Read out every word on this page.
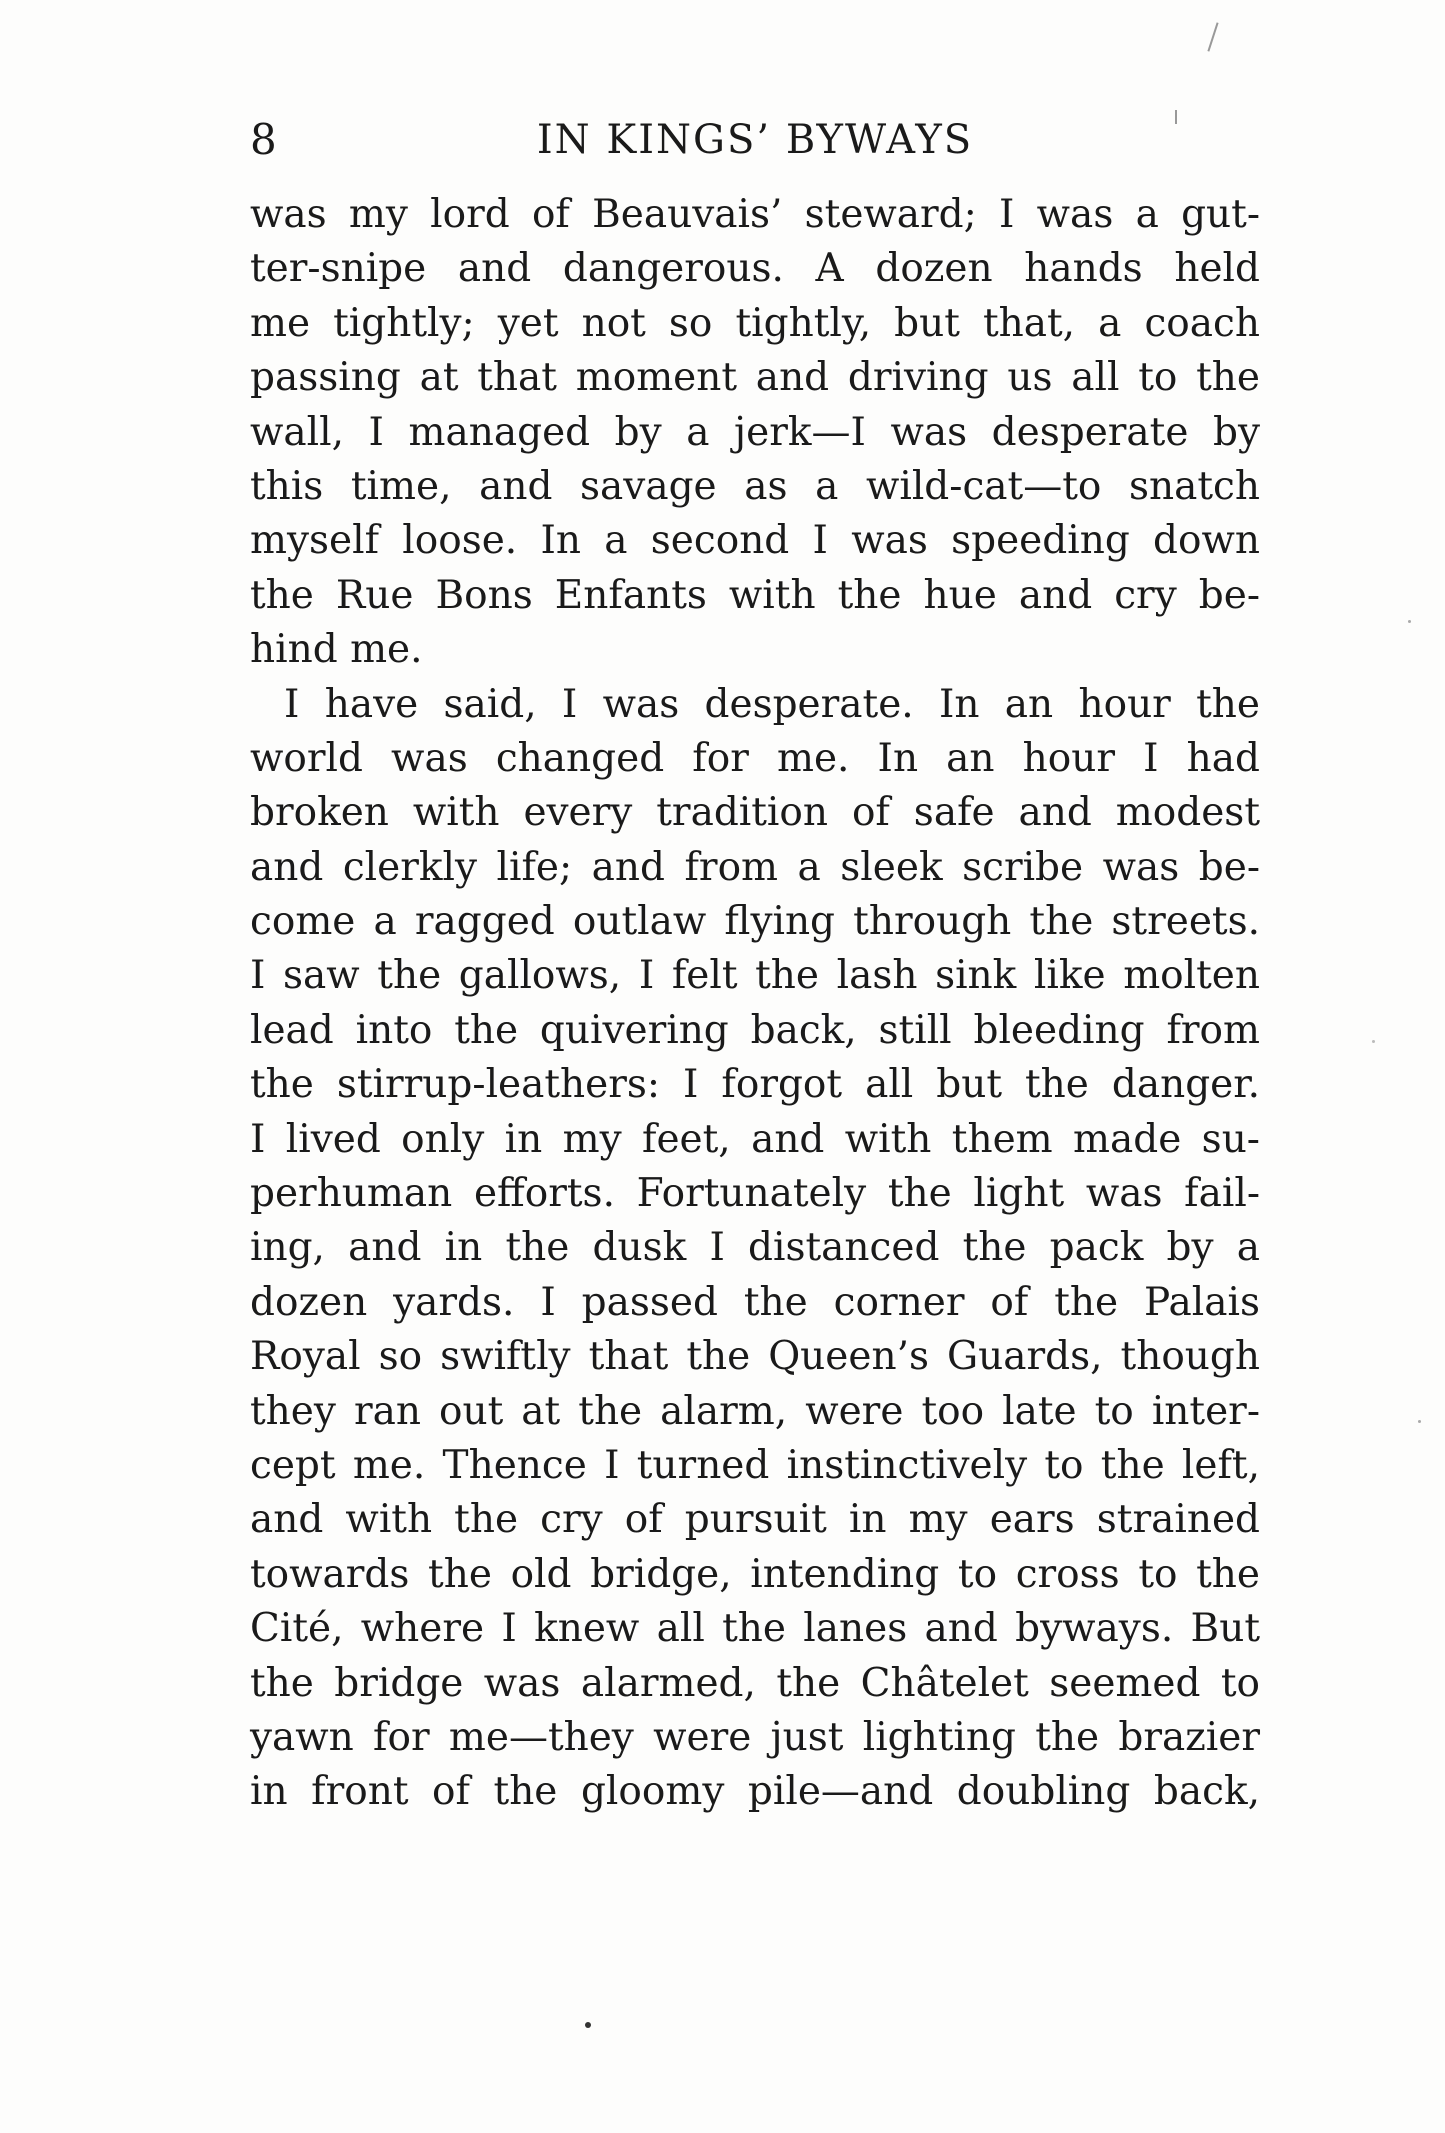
8	IN KINGS’ BYWAYS
was my lord of Beauvais’ steward; I was a gut-
ter-snipe and dangerous. A dozen hands held
me tightly; yet not so tightly, but that, a coach
passing at that moment and driving us all to the
wall, I managed by a jerk—I was desperate by
this time, and savage as a wild-cat—to snatch
myself loose. In a second I was speeding down
the Rue Bons Enfants with the hue and cry be-
hind me.
I have said, I was desperate. In an hour the
world was changed for me. In an hour I had
broken with every tradition of safe and modest
and clerkly life; and from a sleek scribe was be-
come a ragged outlaw flying through the streets.
I saw the gallows, I felt the lash sink like molten
lead into the quivering back, still bleeding from
the stirrup-leathers: I forgot all but the danger.
I lived only in my feet, and with them made su-
perhuman efforts. Fortunately the light was fail-
ing, and in the dusk I distanced the pack by a
dozen yards. I passed the corner of the Palais
Royal so swiftly that the Queen’s Guards, though
they ran out at the alarm, were too late to inter-
cept me. Thence I turned instinctively to the left,
and with the cry of pursuit in my ears strained
towards the old bridge, intending to cross to the
Cité, where I knew all the lanes and byways. But
the bridge was alarmed, the Châtelet seemed to
yawn for me—they were just lighting the brazier
in front of the gloomy pile—and doubling back,
